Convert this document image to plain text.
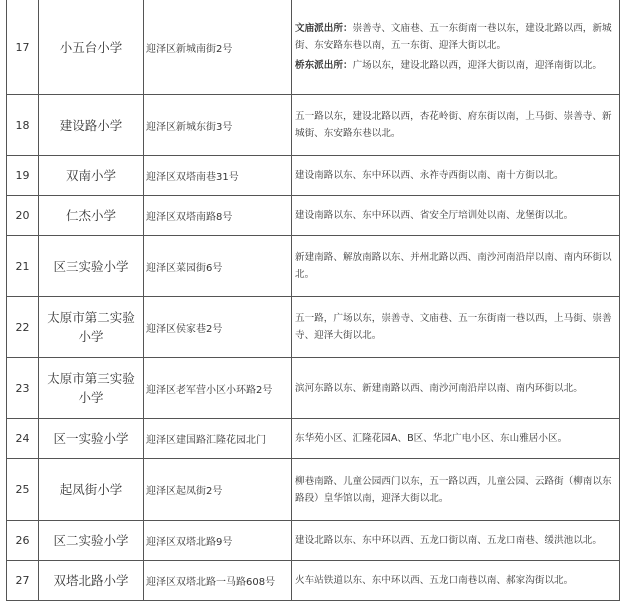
17	小五台小学	迎泽区新城南街2号	文庙派出所：崇善寺、文庙巷、五一东街南一巷以东，建设北路以西，新城街、东安路东巷以南，五一东街、迎泽大街以北。
桥东派出所：广场以东，建设北路以西，迎泽大街以南，迎泽南街以北。

18	建设路小学	迎泽区新城东街3号	五一路以东，建设北路以西，杏花岭街、府东街以南，上马街、崇善寺、新城街、东安路东巷以北。
19	双南小学	迎泽区双塔南巷31号	建设南路以东、东中环以西、永祚寺西街以南、南十方街以北。
20	仁杰小学	迎泽区双塔南路8号	建设南路以东、东中环以西、省安全厅培训处以南、龙堡街以北。
21	区三实验小学	迎泽区菜园街6号	新建南路、解放南路以东、并州北路以西、南沙河南沿岸以南、南内环街以北。
22	太原市第二实验小学	迎泽区侯家巷2号	五一路，广场以东，崇善寺、文庙巷、五一东街南一巷以西，上马街、崇善寺、迎泽大街以北。
23	太原市第三实验小学	迎泽区老军营小区小环路2号	滨河东路以东、新建南路以西、南沙河南沿岸以南、南内环街以北。
24	区一实验小学	迎泽区建国路汇隆花园北门	东华苑小区、汇隆花园A、B区、华北广电小区、东山雅居小区。
25	起凤街小学	迎泽区起凤街2号	柳巷南路、儿童公园西门以东，五一路以西，儿童公园、云路街（柳南以东路段）皇华馆以南，迎泽大街以北。
26	区二实验小学	迎泽区双塔北路9号	建设北路以东、东中环以西、五龙口街以南、五龙口南巷、缓洪池以北。
27	双塔北路小学	迎泽区双塔北路一马路608号	火车站铁道以东、东中环以西、五龙口南巷以南、郝家沟街以北。
